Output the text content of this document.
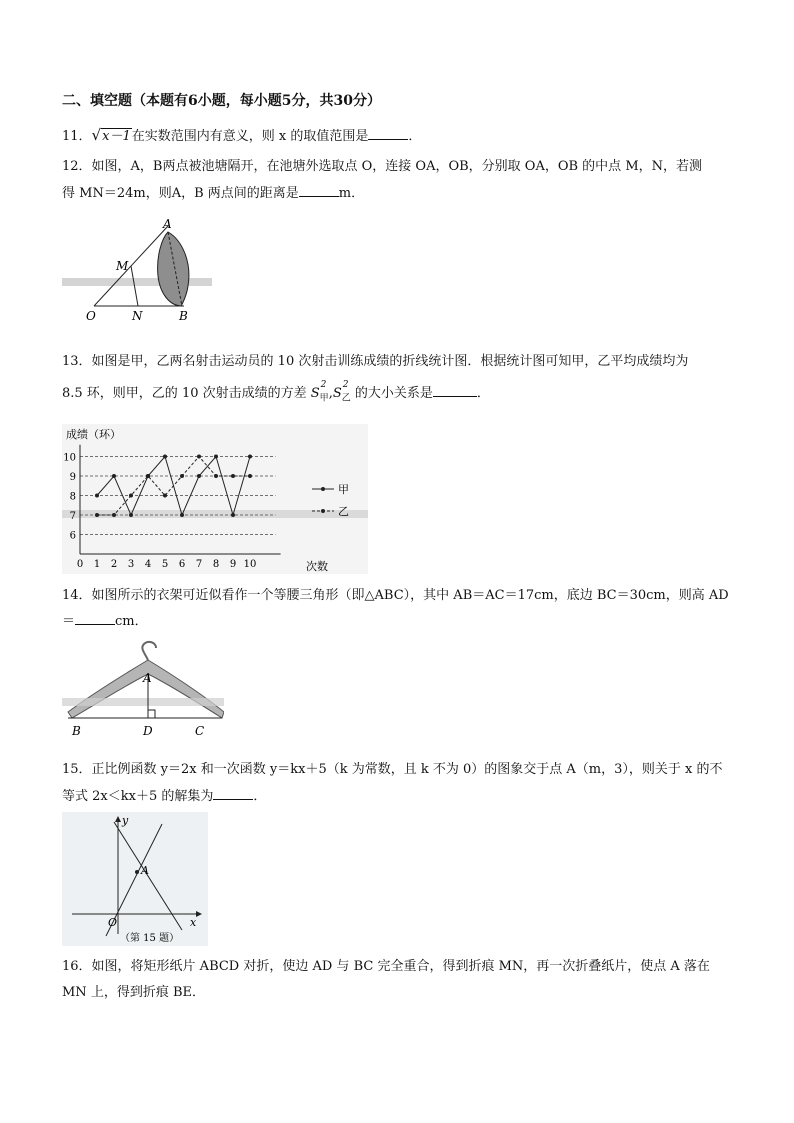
二、填空题（本题有6小题，每小题5分，共30分）
11．√x－1在实数范围内有意义，则 x 的取值范围是	．
12．如图，A，B两点被池塘隔开，在池塘外选取点 O，连接 OA，OB，分别取 OA，OB 的中点 M，N，若测
得 MN＝24m，则A，B 两点间的距离是	m．
A
M
O	N	B
13．如图是甲，乙两名射击运动员的 10 次射击训练成绩的折线统计图．根据统计图可知甲，乙平均成绩均为
8.5 环，则甲，乙的 10 次射击成绩的方差 S
2
$_甲$,S
2
$_乙$ 的大小关系是	．
成绩（环）
6
7
8
9
10
0 1 2 3 4 5 6 7 8 9 10
甲
乙
次数
14．如图所示的衣架可近似看作一个等腰三角形（即△ABC），其中 AB＝AC＝17cm，底边 BC＝30cm，则高 AD
＝	cm．
A
B	D	C
15．正比例函数 y＝2x 和一次函数 y＝kx＋5（k 为常数，且 k 不为 0）的图象交于点 A（m，3），则关于 x 的不
等式 2x＜kx＋5 的解集为	．
A
y
x
O
（第 15 题）
16．如图，将矩形纸片 ABCD 对折，使边 AD 与 BC 完全重合，得到折痕 MN，再一次折叠纸片，使点 A 落在
MN 上，得到折痕 BE．
